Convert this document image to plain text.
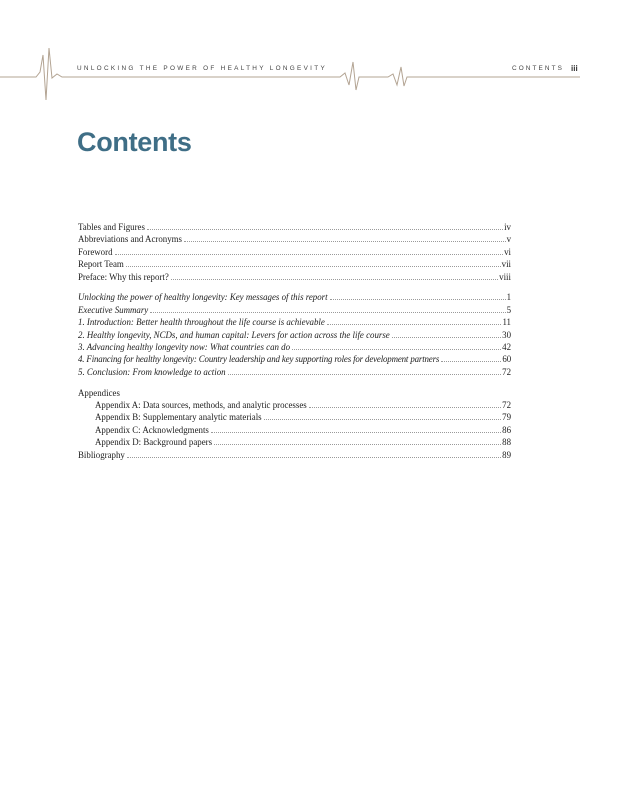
UNLOCKING THE POWER OF HEALTHY LONGEVITY	CONTENTS iii
Contents
Tables and Figures	iv
Abbreviations and Acronyms	v
Foreword	vi
Report Team	vii
Preface: Why this report?	viii
Unlocking the power of healthy longevity: Key messages of this report	1
Executive Summary	5
1. Introduction: Better health throughout the life course is achievable	11
2. Healthy longevity, NCDs, and human capital: Levers for action across the life course	30
3. Advancing healthy longevity now: What countries can do	42
4. Financing for healthy longevity: Country leadership and key supporting roles for development partners	60
5. Conclusion: From knowledge to action	72
Appendices
Appendix A: Data sources, methods, and analytic processes	72
Appendix B: Supplementary analytic materials	79
Appendix C: Acknowledgments	86
Appendix D: Background papers	88
Bibliography	89
